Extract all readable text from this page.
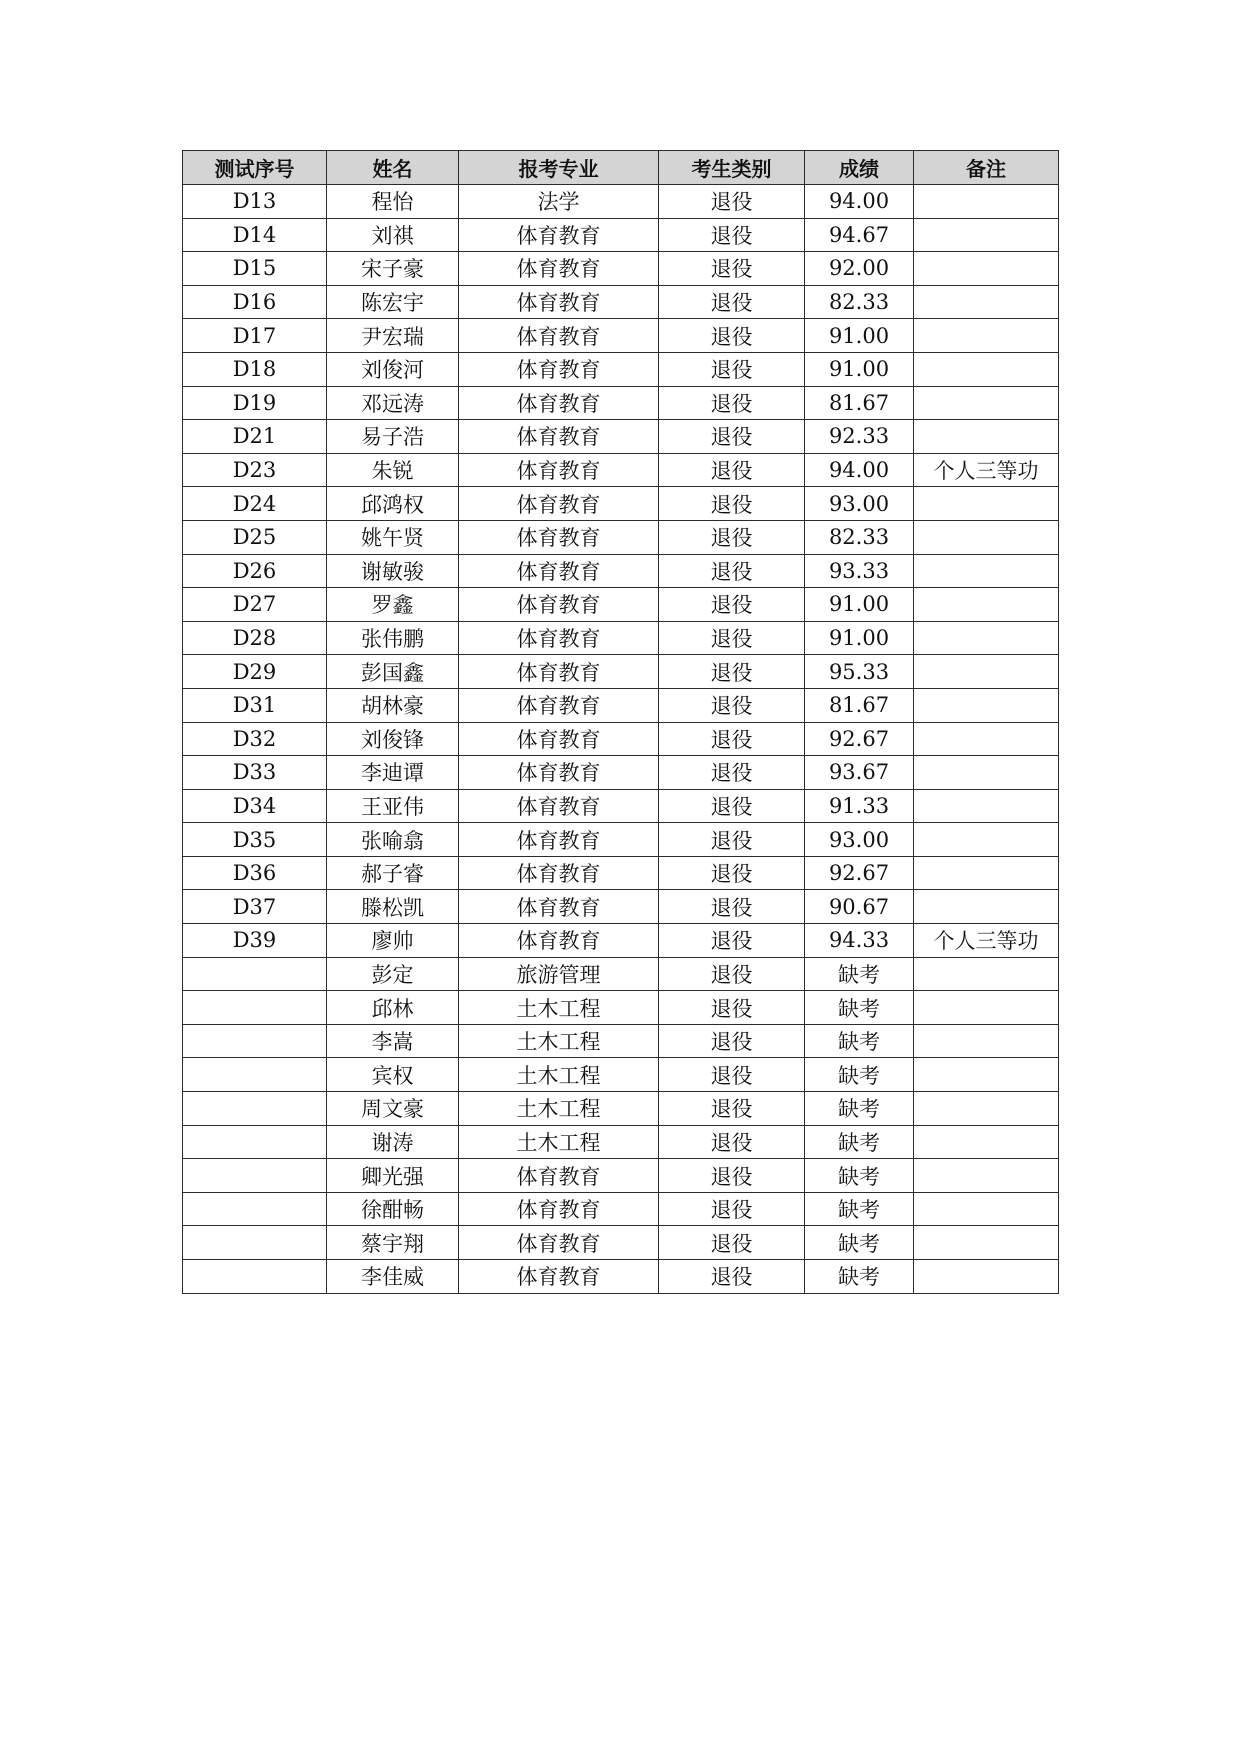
测试序号	姓名	报考专业	考生类别	成绩	备注
D13	程怡	法学	退役	94.00	
D14	刘祺	体育教育	退役	94.67	
D15	宋子豪	体育教育	退役	92.00	
D16	陈宏宇	体育教育	退役	82.33	
D17	尹宏瑞	体育教育	退役	91.00	
D18	刘俊河	体育教育	退役	91.00	
D19	邓远涛	体育教育	退役	81.67	
D21	易子浩	体育教育	退役	92.33	
D23	朱锐	体育教育	退役	94.00	个人三等功
D24	邱鸿权	体育教育	退役	93.00	
D25	姚午贤	体育教育	退役	82.33	
D26	谢敏骏	体育教育	退役	93.33	
D27	罗鑫	体育教育	退役	91.00	
D28	张伟鹏	体育教育	退役	91.00	
D29	彭国鑫	体育教育	退役	95.33	
D31	胡林豪	体育教育	退役	81.67	
D32	刘俊锋	体育教育	退役	92.67	
D33	李迪谭	体育教育	退役	93.67	
D34	王亚伟	体育教育	退役	91.33	
D35	张喻翕	体育教育	退役	93.00	
D36	郝子睿	体育教育	退役	92.67	
D37	滕松凯	体育教育	退役	90.67	
D39	廖帅	体育教育	退役	94.33	个人三等功
	彭定	旅游管理	退役	缺考	
	邱林	土木工程	退役	缺考	
	李嵩	土木工程	退役	缺考	
	宾权	土木工程	退役	缺考	
	周文豪	土木工程	退役	缺考	
	谢涛	土木工程	退役	缺考	
	卿光强	体育教育	退役	缺考	
	徐酣畅	体育教育	退役	缺考	
	蔡宇翔	体育教育	退役	缺考	
	李佳威	体育教育	退役	缺考	
